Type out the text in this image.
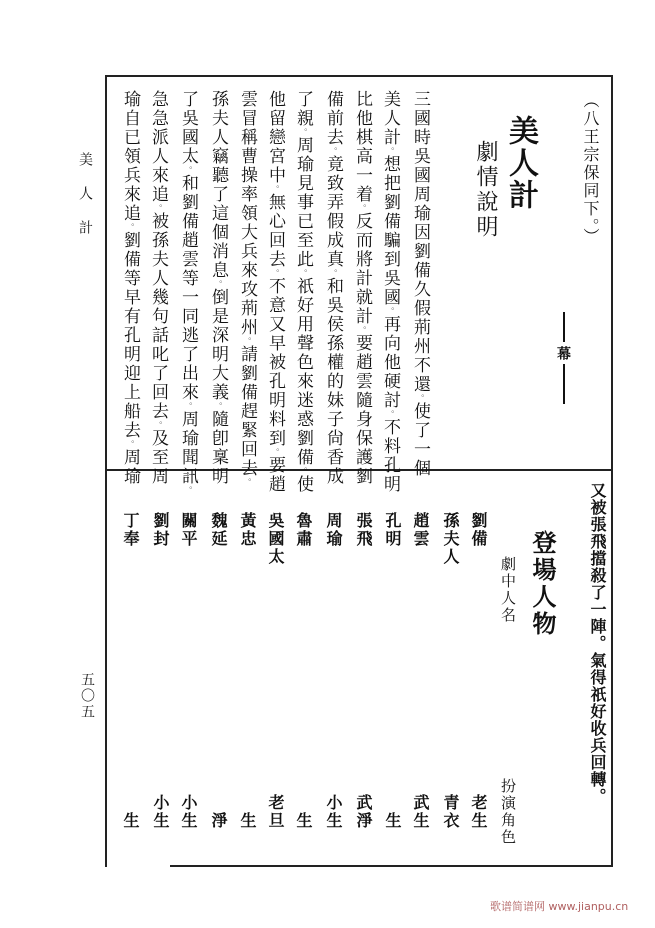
美人計
五〇五
（八王宗保同下。）
幕
美人計
劇情說明
三國時吳國周瑜因劉備久假荊州不還。使了一個
美人計。想把劉備騙到吳國。再向他硬討。不料孔明
比他棋高一着。反而將計就計。要趙雲隨身保護劉
備前去。竟致弄假成真。和吳侯孫權的妹子尙香成
了親。周瑜見事已至此。祇好用聲色來迷惑劉備。使
他留戀宮中。無心回去。不意又早被孔明料到。要趙
雲冒稱曹操率領大兵來攻荊州。請劉備趕緊回去。
孫夫人竊聽了這個消息。倒是深明大義。隨卽稟明
了吳國太。和劉備趙雲等一同逃了出來。周瑜聞訊。
急急派人來追。被孫夫人幾句話叱了回去。及至周
瑜自已領兵來追。劉備等早有孔明迎上船去。周瑜
又被張飛擋殺了一陣。氣得祇好收兵回轉。
登場人物
劇中人名
扮演角色
劉備
老生
孫夫人
青衣
趙雲
武生
孔明
生
張飛
武淨
周瑜
小生
魯肅
生
吳國太
老旦
黃忠
生
魏延
淨
關平
小生
劉封
小生
丁奉
生
歌谱简谱网 www.jianpu.cn
